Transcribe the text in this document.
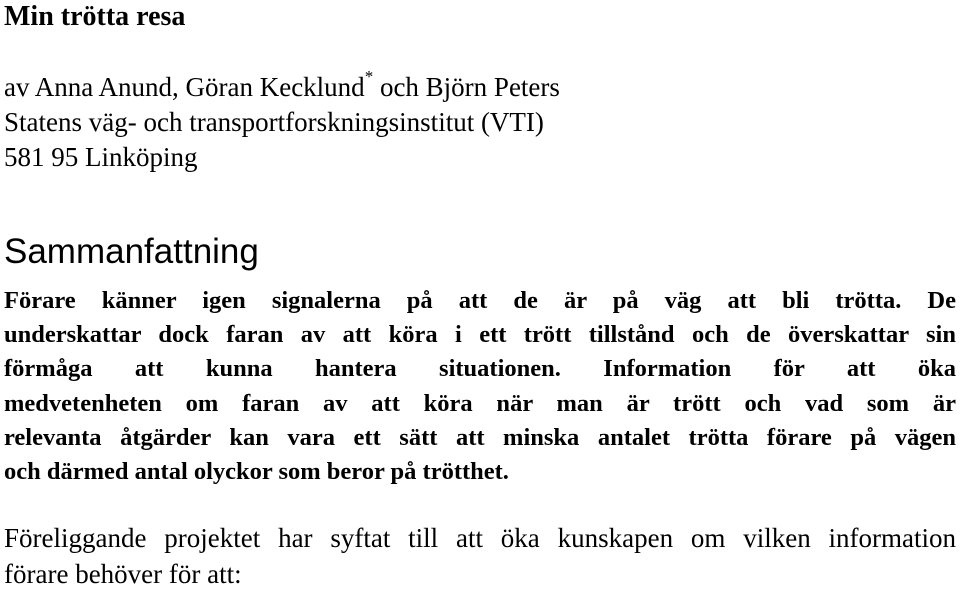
Min trötta resa
av Anna Anund, Göran Kecklund* och Björn Peters
Statens väg- och transportforskningsinstitut (VTI)
581 95 Linköping
Sammanfattning

Förare känner igen signalerna på att de är på väg att bli trötta. De
underskattar dock faran av att köra i ett trött tillstånd och de överskattar sin
förmåga att kunna hantera situationen. Information för att öka
medvetenheten om faran av att köra när man är trött och vad som är
relevanta åtgärder kan vara ett sätt att minska antalet trötta förare på vägen
och därmed antal olyckor som beror på trötthet.

Föreliggande projektet har syftat till att öka kunskapen om vilken information
förare behöver för att:
